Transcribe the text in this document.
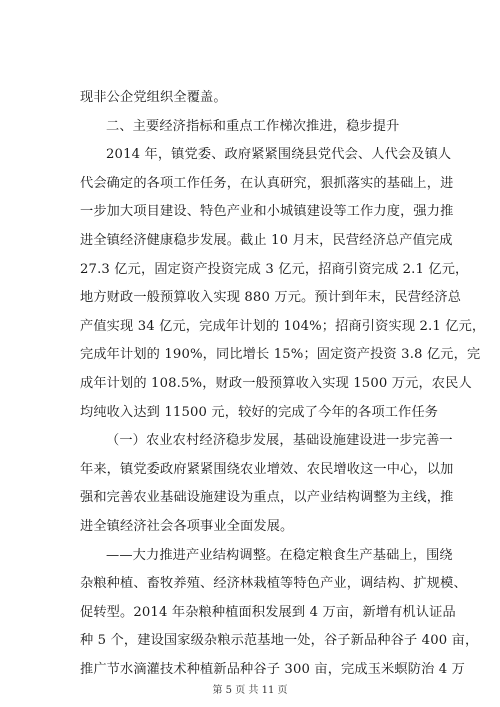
现非公企党组织全覆盖。
二、主要经济指标和重点工作梯次推进，稳步提升
2014 年，镇党委、政府紧紧围绕县党代会、人代会及镇人
代会确定的各项工作任务，在认真研究，狠抓落实的基础上，进
一步加大项目建设、特色产业和小城镇建设等工作力度，强力推
进全镇经济健康稳步发展。截止 10 月末，民营经济总产值完成
27.3 亿元，固定资产投资完成 3 亿元，招商引资完成 2.1 亿元，
地方财政一般预算收入实现 880 万元。预计到年末，民营经济总
产值实现 34 亿元，完成年计划的 104%；招商引资实现 2.1 亿元，
完成年计划的 190%，同比增长 15%；固定资产投资 3.8 亿元，完
成年计划的 108.5%，财政一般预算收入实现 1500 万元，农民人
均纯收入达到 11500 元，较好的完成了今年的各项工作任务
（一）农业农村经济稳步发展，基础设施建设进一步完善一
年来，镇党委政府紧紧围绕农业增效、农民增收这一中心，以加
强和完善农业基础设施建设为重点，以产业结构调整为主线，推
进全镇经济社会各项事业全面发展。
——大力推进产业结构调整。在稳定粮食生产基础上，围绕
杂粮种植、畜牧养殖、经济林栽植等特色产业，调结构、扩规模、
促转型。2014 年杂粮种植面积发展到 4 万亩，新增有机认证品
种 5 个，建设国家级杂粮示范基地一处，谷子新品种谷子 400 亩，
推广节水滴灌技术种植新品种谷子 300 亩，完成玉米螟防治 4 万
第 5 页 共 11 页
